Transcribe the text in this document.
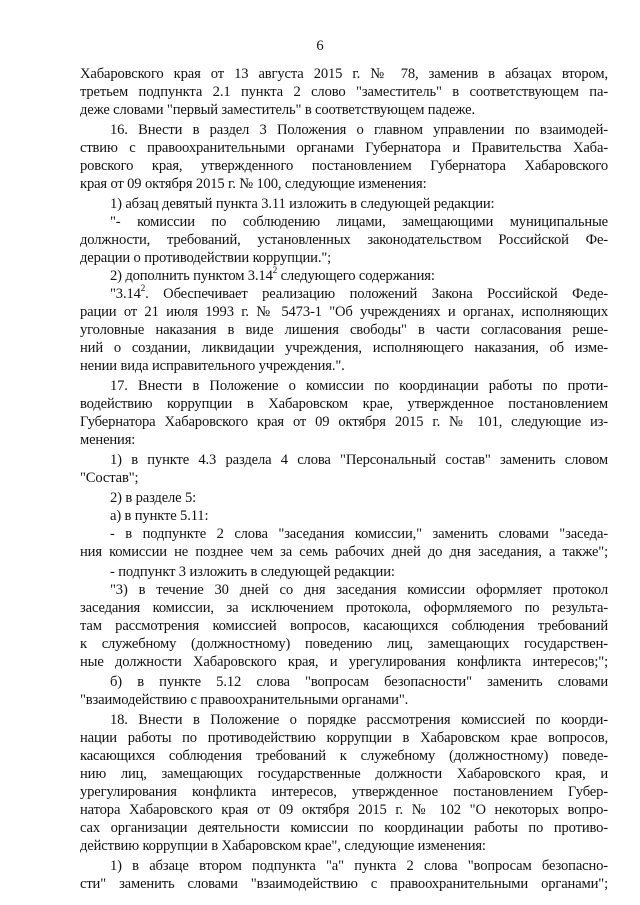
6
Хабаровского края от 13 августа 2015 г. № 78, заменив в абзацах втором,
третьем подпункта 2.1 пункта 2 слово "заместитель" в соответствующем па-
деже словами "первый заместитель" в соответствующем падеже.
16. Внести в раздел 3 Положения о главном управлении по взаимодей-
ствию с правоохранительными органами Губернатора и Правительства Хаба-
ровского края, утвержденного постановлением Губернатора Хабаровского
края от 09 октября 2015 г. № 100, следующие изменения:
1) абзац девятый пункта 3.11 изложить в следующей редакции:
"- комиссии по соблюдению лицами, замещающими муниципальные
должности, требований, установленных законодательством Российской Фе-
дерации о противодействии коррупции.";
2) дополнить пунктом 3.14$^2$ следующего содержания:
"3.14$^2$. Обеспечивает реализацию положений Закона Российской Феде-
рации от 21 июля 1993 г. № 5473-1 "Об учреждениях и органах, исполняющих
уголовные наказания в виде лишения свободы" в части согласования реше-
ний о создании, ликвидации учреждения, исполняющего наказания, об изме-
нении вида исправительного учреждения.".
17. Внести в Положение о комиссии по координации работы по проти-
водействию коррупции в Хабаровском крае, утвержденное постановлением
Губернатора Хабаровского края от 09 октября 2015 г. № 101, следующие из-
менения:
1) в пункте 4.3 раздела 4 слова "Персональный состав" заменить словом
"Состав";
2) в разделе 5:
а) в пункте 5.11:
- в подпункте 2 слова "заседания комиссии," заменить словами "заседа-
ния комиссии не позднее чем за семь рабочих дней до дня заседания, а также";
- подпункт 3 изложить в следующей редакции:
"3) в течение 30 дней со дня заседания комиссии оформляет протокол
заседания комиссии, за исключением протокола, оформляемого по результа-
там рассмотрения комиссией вопросов, касающихся соблюдения требований
к служебному (должностному) поведению лиц, замещающих государствен-
ные должности Хабаровского края, и урегулирования конфликта интересов;";
б) в пункте 5.12 слова "вопросам безопасности" заменить словами
"взаимодействию с правоохранительными органами".
18. Внести в Положение о порядке рассмотрения комиссией по коорди-
нации работы по противодействию коррупции в Хабаровском крае вопросов,
касающихся соблюдения требований к служебному (должностному) поведе-
нию лиц, замещающих государственные должности Хабаровского края, и
урегулирования конфликта интересов, утвержденное постановлением Губер-
натора Хабаровского края от 09 октября 2015 г. № 102 "О некоторых вопро-
сах организации деятельности комиссии по координации работы по противо-
действию коррупции в Хабаровском крае", следующие изменения:
1) в абзаце втором подпункта "а" пункта 2 слова "вопросам безопасно-
сти" заменить словами "взаимодействию с правоохранительными органами";
